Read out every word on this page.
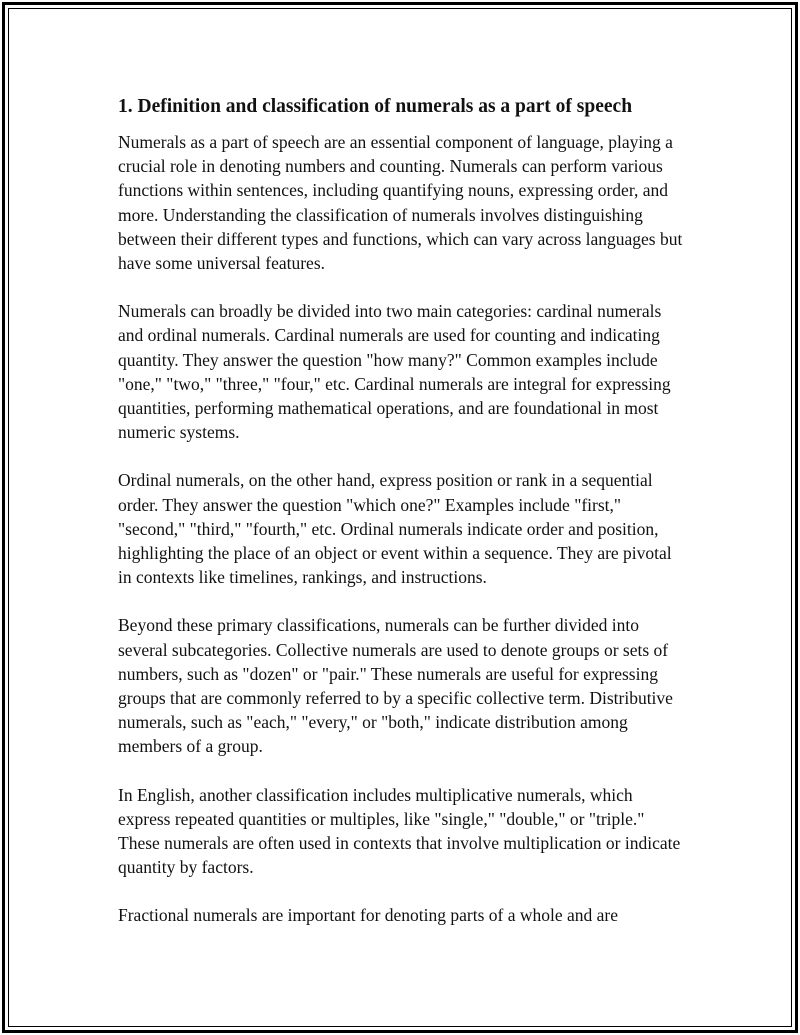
1. Definition and classification of numerals as a part of speech

Numerals as a part of speech are an essential component of language, playing a crucial role in denoting numbers and counting. Numerals can perform various functions within sentences, including quantifying nouns, expressing order, and more. Understanding the classification of numerals involves distinguishing between their different types and functions, which can vary across languages but have some universal features.

Numerals can broadly be divided into two main categories: cardinal numerals and ordinal numerals. Cardinal numerals are used for counting and indicating quantity. They answer the question "how many?" Common examples include "one," "two," "three," "four," etc. Cardinal numerals are integral for expressing quantities, performing mathematical operations, and are foundational in most numeric systems.

Ordinal numerals, on the other hand, express position or rank in a sequential order. They answer the question "which one?" Examples include "first," "second," "third," "fourth," etc. Ordinal numerals indicate order and position, highlighting the place of an object or event within a sequence. They are pivotal in contexts like timelines, rankings, and instructions.

Beyond these primary classifications, numerals can be further divided into several subcategories. Collective numerals are used to denote groups or sets of numbers, such as "dozen" or "pair." These numerals are useful for expressing groups that are commonly referred to by a specific collective term. Distributive numerals, such as "each," "every," or "both," indicate distribution among members of a group.

In English, another classification includes multiplicative numerals, which express repeated quantities or multiples, like "single," "double," or "triple." These numerals are often used in contexts that involve multiplication or indicate quantity by factors.

Fractional numerals are important for denoting parts of a whole and are
